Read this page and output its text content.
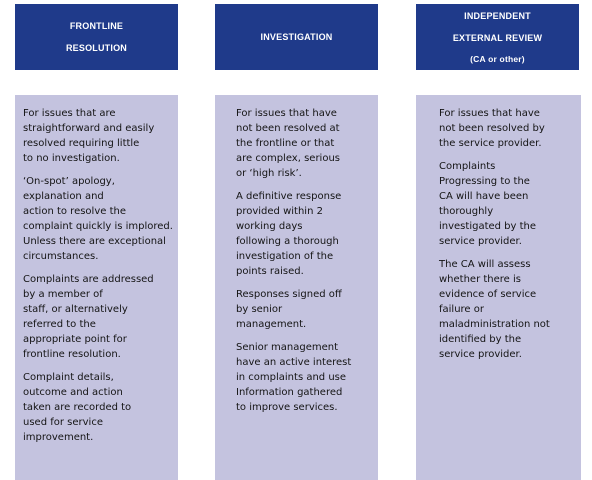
FRONTLINE
RESOLUTION
INVESTIGATION
INDEPENDENT
EXTERNAL REVIEW
(CA or other)
For issues that are
straightforward and easily
resolved requiring little
to no investigation.
‘On-spot’ apology,
explanation and
action to resolve the
complaint quickly is implored.
Unless there are exceptional
circumstances.
Complaints are addressed
by a member of
staff, or alternatively
referred to the
appropriate point for
frontline resolution.
Complaint details,
outcome and action
taken are recorded to
used for service
improvement.
For issues that have
not been resolved at
the frontline or that
are complex, serious
or ‘high risk’.
A definitive response
provided within 2
working days
following a thorough
investigation of the
points raised.
Responses signed off
by senior
management.
Senior management
have an active interest
in complaints and use
Information gathered
to improve services.
For issues that have
not been resolved by
the service provider.
Complaints
Progressing to the
CA will have been
thoroughly
investigated by the
service provider.
The CA will assess
whether there is
evidence of service
failure or
maladministration not
identified by the
service provider.
